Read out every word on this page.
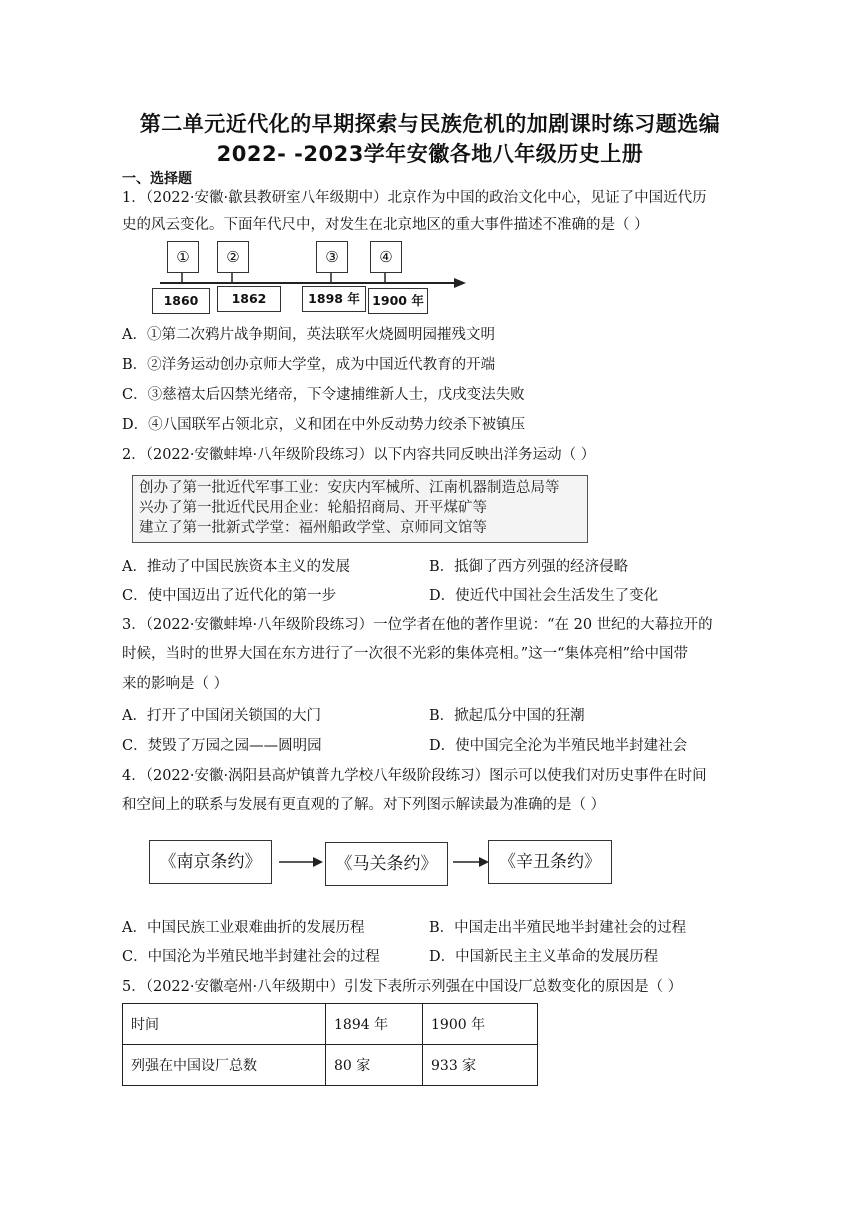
第二单元近代化的早期探索与民族危机的加剧课时练习题选编
2022- -2023学年安徽各地八年级历史上册
一、选择题
1．（2022·安徽·歙县教研室八年级期中）北京作为中国的政治文化中心，见证了中国近代历
史的风云变化。下面年代尺中，对发生在北京地区的重大事件描述不准确的是（ ）
①	②	③	④
1860	1862	1898 年 1900 年
A．①第二次鸦片战争期间，英法联军火烧圆明园摧残文明
B．②洋务运动创办京师大学堂，成为中国近代教育的开端
C．③慈禧太后囚禁光绪帝，下令逮捕维新人士，戊戌变法失败
D．④八国联军占领北京，义和团在中外反动势力绞杀下被镇压
2．（2022·安徽蚌埠·八年级阶段练习）以下内容共同反映出洋务运动（ ）
创办了第一批近代军事工业：安庆内军械所、江南机器制造总局等
兴办了第一批近代民用企业：轮船招商局、开平煤矿等
建立了第一批新式学堂：福州船政学堂、京师同文馆等
A．推动了中国民族资本主义的发展	B．抵御了西方列强的经济侵略
C．使中国迈出了近代化的第一步	D．使近代中国社会生活发生了变化
3．（2022·安徽蚌埠·八年级阶段练习）一位学者在他的著作里说：“在 20 世纪的大幕拉开的
时候，当时的世界大国在东方进行了一次很不光彩的集体亮相。”这一“集体亮相”给中国带
来的影响是（ ）
A．打开了中国闭关锁国的大门	B．掀起瓜分中国的狂潮
C．焚毁了万园之园——圆明园	D．使中国完全沦为半殖民地半封建社会
4．（2022·安徽·涡阳县高炉镇普九学校八年级阶段练习）图示可以使我们对历史事件在时间
和空间上的联系与发展有更直观的了解。对下列图示解读最为准确的是（ ）
《南京条约》	《马关条约》	《辛丑条约》
A．中国民族工业艰难曲折的发展历程	B．中国走出半殖民地半封建社会的过程
C．中国沦为半殖民地半封建社会的过程	D．中国新民主主义革命的发展历程
5．（2022·安徽亳州·八年级期中）引发下表所示列强在中国设厂总数变化的原因是（ ）
时间	1894 年	1900 年
列强在中国设厂总数	80 家	933 家
